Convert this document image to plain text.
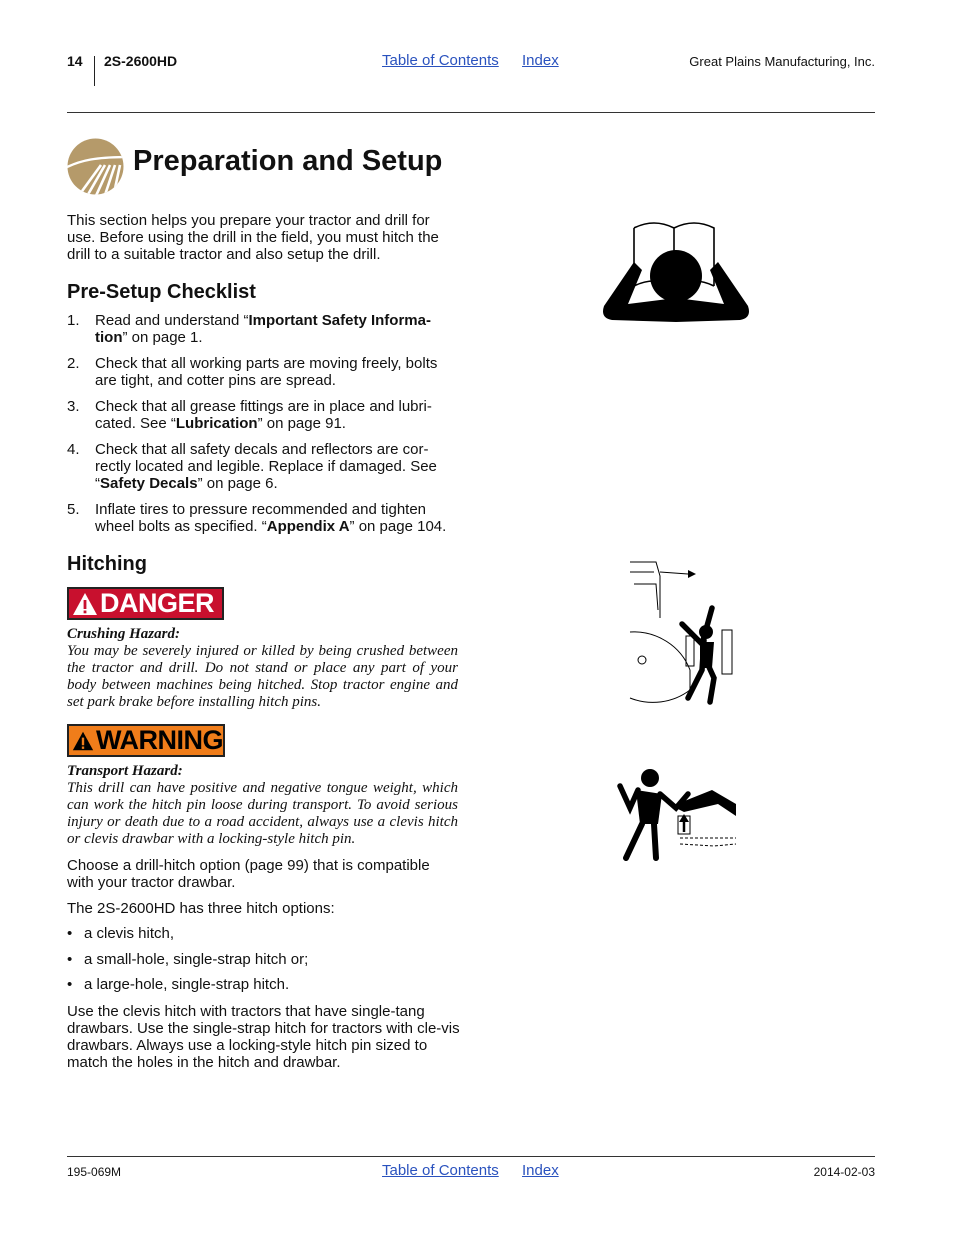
14 2S-2600HD	Table of Contents Index	Great Plains Manufacturing, Inc.
Preparation and Setup

This section helps you prepare your tractor and drill for use. Before using the drill in the field, you must hitch the drill to a suitable tractor and also setup the drill.

Pre-Setup Checklist
1. Read and understand “Important Safety Informa-tion” on page 1.
2. Check that all working parts are moving freely, bolts are tight, and cotter pins are spread.
3. Check that all grease fittings are in place and lubri-cated. See “Lubrication” on page 91.
4. Check that all safety decals and reflectors are cor-rectly located and legible. Replace if damaged. See “Safety Decals” on page 6.
5. Inflate tires to pressure recommended and tighten wheel bolts as specified. “Appendix A” on page 104.
Hitching
DANGER
Crushing Hazard:
You may be severely injured or killed by being crushed between the tractor and drill. Do not stand or place any part of your body between machines being hitched. Stop tractor engine and set park brake before installing hitch pins.
WARNING
Transport Hazard:
This drill can have positive and negative tongue weight, which can work the hitch pin loose during transport. To avoid serious injury or death due to a road accident, always use a clevis hitch or clevis drawbar with a locking-style hitch pin.

Choose a drill-hitch option (page 99) that is compatible with your tractor drawbar.

The 2S-2600HD has three hitch options:

• a clevis hitch,
• a small-hole, single-strap hitch or;
• a large-hole, single-strap hitch.

Use the clevis hitch with tractors that have single-tang drawbars. Use the single-strap hitch for tractors with cle-vis drawbars. Always use a locking-style hitch pin sized to match the holes in the hitch and drawbar.

195-069M	Table of Contents Index	2014-02-03
